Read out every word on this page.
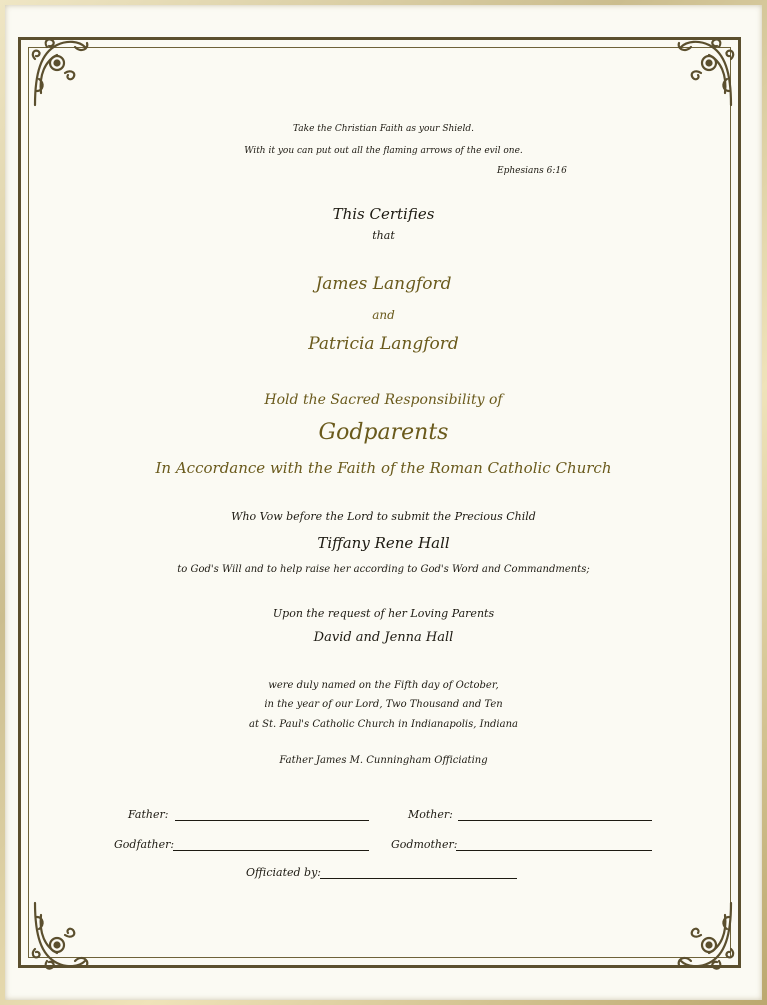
Take the Christian Faith as your Shield.
With it you can put out all the flaming arrows of the evil one.
Ephesians 6:16
This Certifies
that
James Langford
and
Patricia Langford
Hold the Sacred Responsibility of
Godparents
In Accordance with the Faith of the Roman Catholic Church
Who Vow before the Lord to submit the Precious Child
Tiffany Rene Hall
to God's Will and to help raise her according to God's Word and Commandments;
Upon the request of her Loving Parents
David and Jenna Hall
were duly named on the Fifth day of October,
in the year of our Lord, Two Thousand and Ten
at St. Paul's Catholic Church in Indianapolis, Indiana
Father James M. Cunningham Officiating
Father:	Mother:
Godfather:	Godmother:
Officiated by:
